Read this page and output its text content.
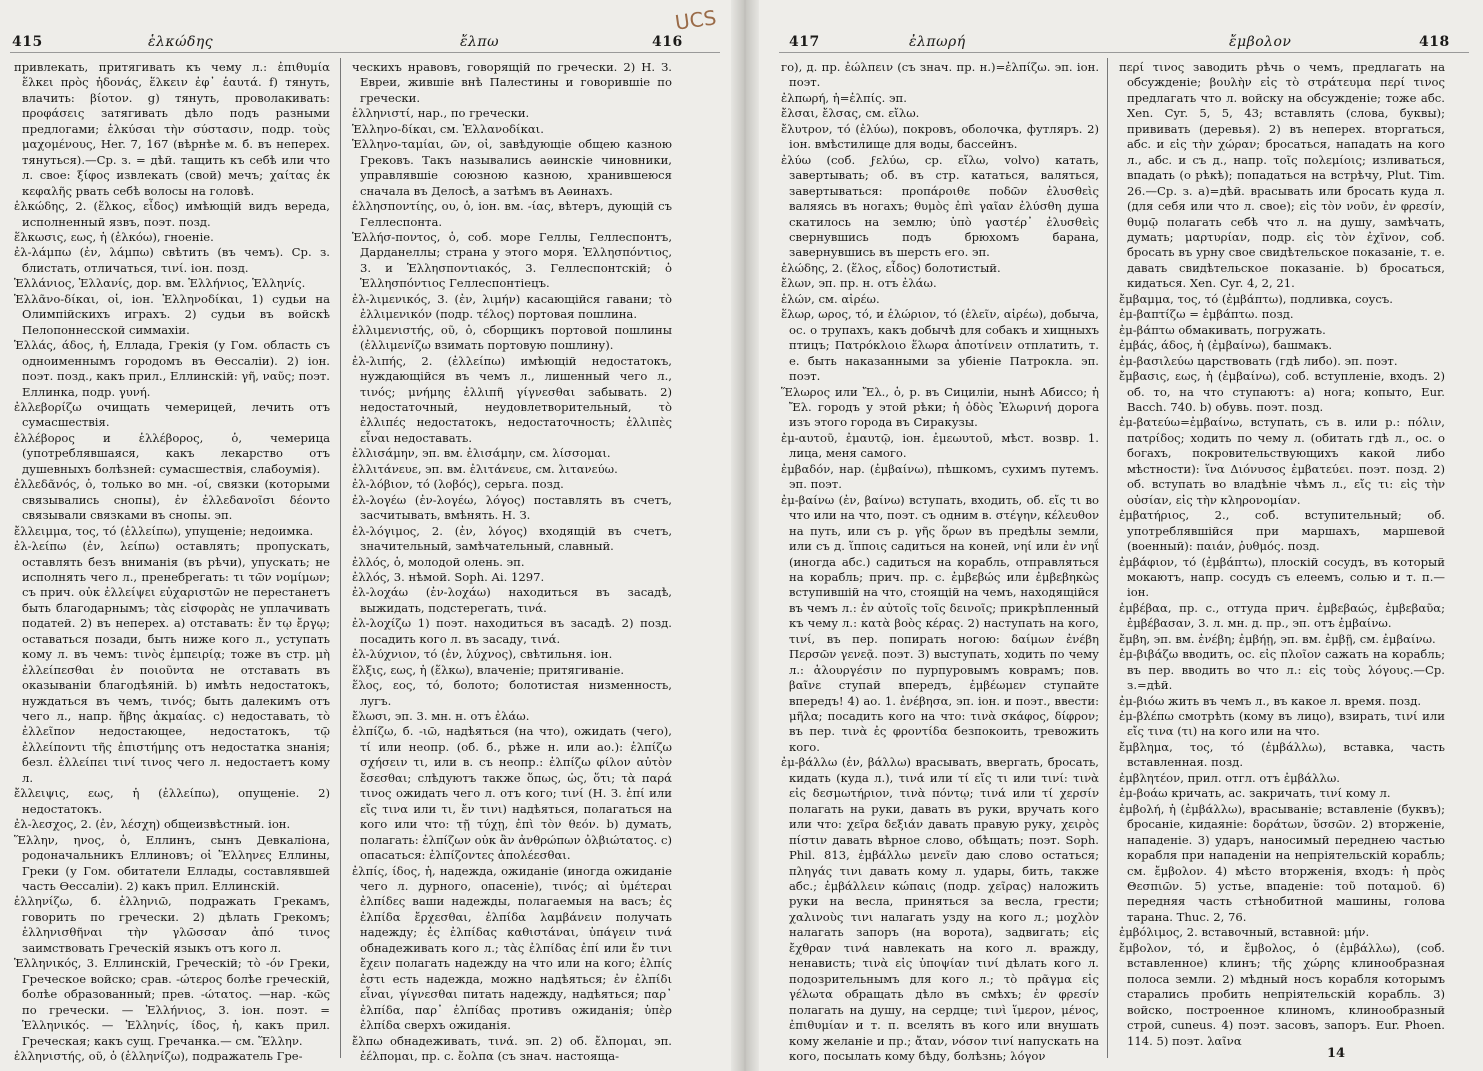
415	ἑλκώδης	ἔλπω	416

привлекать, притягивать къ чему л.: ἐπιθυμία ἕλκει πρὸς ἡδονάς, ἕλκειν ἐφ᾽ ἑαυτά. f) тянуть, влачить: βίοτον. g) тянуть, проволакивать: προφάσεις затягивать дѣло подъ разными предлогами; ἑλκύσαι τὴν σύστασιν, подр. τοὺς μαχομένους, Her. 7, 167 (вѣрнѣе м. б. въ неперех. тянуться).—Ср. з. = дѣй. тащить къ себѣ или что л. свое: ξίφος извлекать (свой) мечъ; χαίτας ἐκ κεφαλῆς рвать себѣ волосы на головѣ.

ἑλκώδης, 2. (ἕλκος, εἶδος) имѣющій видъ вереда, исполненный язвъ, поэт. позд.

ἕλκωσις, εως, ἡ (ἑλκόω), гноеніе.

ἐλ-λάμπω (ἐν, λάμπω) свѣтить (въ чемъ). Ср. з. блистать, отличаться, τινί. іон. позд.

Ἑλλάνιος, Ἑλλανίς, дор. вм. Ἑλλήνιος, Ἑλληνίς.

Ἑλλᾶνο-δίκαι, οἱ, іон. Ἑλληνοδίκαι, 1) судьи на Олимпійскихъ играхъ. 2) судьи въ войскѣ Пелопоннесской симмахіи.

Ἑλλάς, άδος, ἡ, Еллада, Грекія (у Гом. область съ одноименнымъ городомъ въ Ѳессаліи). 2) іон. поэт. позд., какъ прил., Еллинскій: γῆ, ναῦς; поэт. Еллинка, подр. γυνή.

ἐλλεβορίζω очищать чемерицей, лечить отъ сумасшествія.

ἐλλέβορος и ἑλλέβορος, ὁ, чемерица (употреблявшаяся, какъ лекарство отъ душевныхъ болѣзней: сумасшествія, слабоумія).

ἐλλεδᾶνός, ὁ, только во мн. -οί, связки (которыми связывались снопы), ἐν ἐλλεδανοῖσι δέοντο связывали связками въ снопы. эп.

ἔλλειμμα, τος, τό (ἐλλείπω), упущеніе; недоимка.

ἐλ-λείπω (ἐν, λείπω) оставлять; пропускать, оставлять безъ вниманія (въ рѣчи), упускать; не исполнять чего л., пренебрегать: τι τῶν νομίμων; съ прич. οὐκ ἐλλείψει εὐχαριστῶν не перестанетъ быть благодарнымъ; τὰς εἰσφορὰς не уплачивать податей. 2) въ неперех. а) отставать: ἔν τῳ ἔργῳ; оставаться позади, быть ниже кого л., уступать кому л. въ чемъ: τινὸς ἐμπειρίᾳ; тоже въ стр. μὴ ἐλλείπεσθαι ἐν ποιοῦντα не отставать въ оказываніи благодѣяній. b) имѣть недостатокъ, нуждаться въ чемъ, τινός; быть далекимъ отъ чего л., напр. ἥβης ἀκμαίας. c) недоставать, τὸ ἐλλεῖπον недостающее, недостатокъ, τῷ ἐλλείποντι τῆς ἐπιστήμης отъ недостатка знанія; безл. ἐλλείπει τινί τινος чего л. недостаетъ кому л.

ἔλλειψις, εως, ἡ (ἐλλείπω), опущеніе. 2) недостатокъ.

ἐλ-λεσχος, 2. (ἐν, λέσχη) общеизвѣстный. іон.

Ἕλλην, ηνος, ὁ, Еллинъ, сынъ Девкаліона, родоначальникъ Еллиновъ; οἱ Ἕλληνες Еллины, Греки (у Гом. обитатели Еллады, составлявшей часть Ѳессаліи). 2) какъ прил. Еллинскій.

ἑλληνίζω, б. ἑλληνιῶ, подражать Грекамъ, говорить по гречески. 2) дѣлать Грекомъ; ἑλληνισθῆναι τὴν γλῶσσαν ἀπό τινος заимствовать Греческій языкъ отъ кого л.

Ἑλληνικός, 3. Еллинскій, Греческій; τὸ -όν Греки, Греческое войско; срав. -ώτερος болѣе греческій, болѣе образованный; прев. -ώτατος. —нар. -κῶς по гречески. — Ἑλλήνιος, 3. іон. поэт. = Ἑλληνικός. — Ἑλληνίς, ίδος, ἡ, какъ прил. Греческая; какъ сущ. Гречанка.— см. Ἕλλην.

ἑλληνιστής, οῦ, ὁ (ἑλληνίζω), подражатель Гре-

ческихъ нравовъ, говорящій по гречески. 2) Н. З. Евреи, жившіе внѣ Палестины и говорившіе по гречески.

ἑλληνιστί, нар., по гречески.

Ἑλληνο-δίκαι, см. Ἑλλανοδίκαι.

Ἑλληνο-ταμίαι, ῶν, οἱ, завѣдующіе общею казною Грековъ. Такъ назывались аѳинскіе чиновники, управлявшіе союзною казною, хранившеюся сначала въ Делосѣ, а затѣмъ въ Аѳинахъ.

ἑλλησποντίης, ου, ὁ, іон. вм. -ίας, вѣтеръ, дующій съ Геллеспонта.

Ἑλλήσ-ποντος, ὁ, соб. море Геллы, Геллеспонтъ, Дарданеллы; страна у этого моря. Ἑλλησπόντιος, 3. и Ἑλλησποντιακός, 3. Геллеспонтскій; ὁ Ἑλλησπόντιος Геллеспонтіецъ.

ἐλ-λιμενικός, 3. (ἐν, λιμήν) касающійся гавани; τὸ ἐλλιμενικόν (подр. τέλος) портовая пошлина.

ἐλλιμενιστής, οῦ, ὁ, сборщикъ портовой пошлины (ἐλλιμενίζω взимать портовую пошлину).

ἐλ-λιπής, 2. (ἐλλείπω) имѣющій недостатокъ, нуждающійся въ чемъ л., лишенный чего л., τινός; μνήμης ἐλλιπῆ γίγνεσθαι забывать. 2) недостаточный, неудовлетворительный, τὸ ἐλλιπές недостатокъ, недостаточность; ἐλλιπὲς εἶναι недоставать.

ἐλλισάμην, эп. вм. ἐλισάμην, см. λίσσομαι.

ἐλλιτάνευε, эп. вм. ἐλιτάνευε, см. λιτανεύω.

ἐλ-λόβιον, τό (λοβός), серьга. позд.

ἐλ-λογέω (ἐν-λογέω, λόγος) поставлять въ счетъ, засчитывать, вмѣнять. Н. З.

ἐλ-λόγιμος, 2. (ἐν, λόγος) входящій въ счетъ, значительный, замѣчательный, славный.

ἐλλός, ὁ, молодой олень. эп.

ἐλλός, 3. нѣмой. Soph. Ai. 1297.

ἐλ-λοχάω (ἐν-λοχάω) находиться въ засадѣ, выжидать, подстерегать, τινά.

ἐλ-λοχίζω 1) поэт. находиться въ засадѣ. 2) позд. посадить кого л. въ засаду, τινά.

ἐλ-λύχνιον, τό (ἐν, λύχνος), свѣтильня. іон.

ἕλξις, εως, ἡ (ἕλκω), влаченіе; притягиваніе.

ἕλος, εος, τό, болото; болотистая низменность, лугъ.

ἔλωσι, эп. 3. мн. н. отъ ἐλάω.

ἐλπίζω, б. -ιῶ, надѣяться (на что), ожидать (чего), τί или неопр. (об. б., рѣже н. или ао.): ἐλπίζω σχήσειν τι, или в. съ неопр.: ἐλπίζω φίλον αὐτὸν ἔσεσθαι; слѣдуютъ также ὅπως, ὡς, ὅτι; τὰ παρά τινος ожидать чего л. отъ кого; τινί (Н. З. ἐπί или εἴς τινα или τι, ἔν τινι) надѣяться, полагаться на кого или что: τῇ τύχῃ, ἐπὶ τὸν θεόν. b) думать, полагать: ἐλπίζων οὐκ ἂν ἀνθρώπων ὀλβιώτατος. c) опасаться: ἐλπίζοντες ἀπολέεσθαι.

ἐλπίς, ίδος, ἡ, надежда, ожиданіе (иногда ожиданіе чего л. дурного, опасеніе), τινός; αἱ ὑμέτεραι ἐλπίδες ваши надежды, полагаемыя на васъ; ἐς ἐλπίδα ἔρχεσθαι, ἐλπίδα λαμβάνειν получать надежду; ἐς ἐλπίδας καθιστάναι, ὑπάγειν τινά обнадеживать кого л.; τὰς ἐλπίδας ἐπί или ἔν τινι ἔχειν полагать надежду на что или на кого; ἐλπίς ἐστι есть надежда, можно надѣяться; ἐν ἐλπίδι εἶναι, γίγνεσθαι питать надежду, надѣяться; παρ᾽ ἐλπίδα, παρ᾽ ἐλπίδας противъ ожиданія; ὑπὲρ ἐλπίδα сверхъ ожиданія.

ἔλπω обнадеживать, τινά. эп. 2) об. ἔλπομαι, эп. ἐέλπομαι, пр. с. ἔολπα (съ знач. настояща-

UCS
417	ἐλπωρή	ἔμβολον	418

го), д. пр. ἐώλπειν (съ знач. пр. н.)=ἐλπίζω. эп. іон. поэт.

ἐλπωρή, ἡ=ἐλπίς. эп.

ἔλσαι, ἔλσας, см. εἴλω.

ἔλυτρον, τό (ἐλύω), покровъ, оболочка, футляръ. 2) іон. вмѣстилище для воды, бассейнъ.

ἐλύω (соб. ϝελύω, ср. εἴλω, volvo) катать, завертывать; об. въ стр. кататься, валяться, завертываться: προπάροιθε ποδῶν ἐλυσθεὶς валяясь въ ногахъ; θυμὸς ἐπὶ γαῖαν ἐλύσθη душа скатилось на землю; ὑπὸ γαστέρ᾽ ἐλυσθεὶς свернувшись подъ брюхомъ барана, завернувшись въ шерсть его. эп.

ἑλώδης, 2. (ἕλος, εἶδος) болотистый.

ἔλων, эп. пр. н. отъ ἐλάω.

ἑλών, см. αἱρέω.

ἕλωρ, ωρος, τό, и ἑλώριον, τό (ἑλεῖν, αἱρέω), добыча, ос. о трупахъ, какъ добычѣ для собакъ и хищныхъ птицъ; Πατρόκλοιο ἕλωρα ἀποτίνειν отплатить, т. е. быть наказанными за убіеніе Патрокла. эп. поэт.

Ἕλωρος или Ἔλ., ὁ, р. въ Сициліи, нынѣ Абиссо; ἡ Ἔλ. городъ у этой рѣки; ἡ ὁδὸς Ἐλωρινή дорога изъ этого города въ Сиракузы.

ἐμ-αυτοῦ, ἐμαυτῷ, іон. ἐμεωυτοῦ, мѣст. возвр. 1. лица, меня самого.

ἐμβαδόν, нар. (ἐμβαίνω), пѣшкомъ, сухимъ путемъ. эп. поэт.

ἐμ-βαίνω (ἐν, βαίνω) вступать, входить, об. εἴς τι во что или на что, поэт. съ одним в. στέγην, κέλευθον на путь, или съ р. γῆς ὅρων въ предѣлы земли, или съ д. ἵπποις садиться на коней, νηί или ἐν νηΐ (иногда абс.) садиться на корабль, отправляться на корабль; прич. пр. с. ἐμβεβώς или ἐμβεβηκὼς вступившій на что, стоящій на чемъ, находящійся въ чемъ л.: ἐν αὐτοῖς τοῖς δεινοῖς; прикрѣпленный къ чему л.: κατὰ βοὸς κέρας. 2) наступать на кого, τινί, въ пер. попирать ногою: δαίμων ἐνέβη Περσῶν γενεᾷ. поэт. 3) выступать, ходить по чему л.: ἁλουργέσιν по пурпуровымъ коврамъ; пов. βαῖνε ступай впередъ, ἐμβέωμεν ступайте впередъ! 4) ао. 1. ἐνέβησα, эп. іон. и поэт., ввести: μῆλα; посадить кого на что: τινὰ σκάφος, δίφρον; въ пер. τινὰ ἐς φροντίδα безпокоить, тревожить кого.

ἐμ-βάλλω (ἐν, βάλλω) врасывать, ввергать, бросать, кидать (куда л.), τινά или τί εἴς τι или τινί: τινὰ εἰς δεσμωτήριον, τινὰ πόντῳ; τινά или τί χερσίν полагать на руки, давать въ руки, вручать кого или что: χεῖρα δεξιάν давать правую руку, χειρὸς πίστιν давать вѣрное слово, обѣщать; поэт. Soph. Phil. 813, ἐμβάλλω μενεῖν даю слово остаться; πληγάς τινι давать кому л. удары, бить, также абс.; ἐμβάλλειν κώπαις (подр. χεῖρας) наложить руки на весла, приняться за весла, грести; χαλινοὺς τινι налагать узду на кого л.; μοχλὸν налагать запоръ (на ворота), задвигать; εἰς ἔχθραν τινά навлекать на кого л. вражду, ненависть; τινὰ εἰς ὑποψίαν τινί дѣлать кого л. подозрительнымъ для кого л.; τὸ πρᾶγμα εἰς γέλωτα обращать дѣло въ смѣхъ; ἐν φρεσίν полагать на душу, на сердце; τινὶ ἵμερον, μένος, ἐπιθυμίαν и т. п. вселять въ кого или внушать кому желаніе и пр.; ἄταν, νόσον τινί напускать на кого, посылать кому бѣду, болѣзнь; λόγον

περί τινος заводить рѣчь о чемъ, предлагать на обсужденіе; βουλὴν εἰς τὸ στράτευμα περί τινος предлагать что л. войску на обсужденіе; тоже абс. Xen. Cyr. 5, 5, 43; вставлять (слова, буквы); прививать (деревья). 2) въ неперех. вторгаться, абс. и εἰς τὴν χώραν; бросаться, нападать на кого л., абс. и съ д., напр. τοῖς πολεμίοις; изливаться, впадать (о рѣкѣ); попадаться на встрѣчу, Plut. Tim. 26.—Ср. з. а)=дѣй. врасывать или бросать куда л. (для себя или что л. свое); εἰς τὸν νοῦν, ἐν φρεσίν, θυμῷ полагать себѣ что л. на душу, замѣчать, думать; μαρτυρίαν, подр. εἰς τὸν ἐχῖνον, соб. бросать въ урну свое свидѣтельское показаніе, т. е. давать свидѣтельское показаніе. b) бросаться, кидаться. Xen. Cyr. 4, 2, 21.

ἔμβαμμα, τος, τό (ἐμβάπτω), подливка, соусъ.

ἐμ-βαπτίζω = ἐμβάπτω. позд.

ἐμ-βάπτω обмакивать, погружать.

ἐμβάς, άδος, ἡ (ἐμβαίνω), башмакъ.

ἐμ-βασιλεύω царствовать (гдѣ либо). эп. поэт.

ἔμβασις, εως, ἡ (ἐμβαίνω), соб. вступленіе, входъ. 2) об. то, на что ступаютъ: а) нога; копыто, Eur. Bacch. 740. b) обувь. поэт. позд.

ἐμ-βατεύω=ἐμβαίνω, вступать, съ в. или р.: πόλιν, πατρίδος; ходить по чему л. (обитать гдѣ л., ос. о богахъ, покровительствующихъ какой либо мѣстности): ἵνα Διόνυσος ἐμβατεύει. поэт. позд. 2) об. вступать во владѣніе чѣмъ л., εἴς τι: εἰς τὴν οὐσίαν, εἰς τὴν κληρονομίαν.

ἐμβατήριος, 2., соб. вступительный; об. употреблявшійся при маршахъ, маршевой (военный): παιάν, ῥυθμός. позд.

ἐμβάφιον, τό (ἐμβάπτω), плоскій сосудъ, въ который мокаютъ, напр. сосудъ съ елеемъ, солью и т. п.—іон.

ἐμβέβαα, пр. с., оттуда прич. ἐμβεβαώς, ἐμβεβαῦα; ἐμβέβασαν, 3. л. мн. д. пр., эп. отъ ἐμβαίνω.

ἔμβη, эп. вм. ἐνέβη; ἐμβήῃ, эп. вм. ἐμβῇ, см. ἐμβαίνω.

ἐμ-βιβάζω вводить, ос. εἰς πλοῖον сажать на корабль; въ пер. вводить во что л.: εἰς τοὺς λόγους.—Ср. з.=дѣй.

ἐμ-βιόω жить въ чемъ л., въ какое л. время. позд.

ἐμ-βλέπω смотрѣть (кому въ лицо), взирать, τινί или εἴς τινα (τι) на кого или на что.

ἔμβλημα, τος, τό (ἐμβάλλω), вставка, часть вставленная. позд.

ἐμβλητέον, прил. отгл. отъ ἐμβάλλω.

ἐμ-βοάω кричать, ас. закричать, τινί кому л.

ἐμβολή, ἡ (ἐμβάλλω), врасываніе; вставленіе (буквъ); бросаніе, кидаяніе: δοράτων, ὕσσῶν. 2) вторженіе, нападеніе. 3) ударъ, наносимый переднею частью корабля при нападеніи на непріятельскій корабль; см. ἔμβολον. 4) мѣсто вторженія, входъ: ἡ πρὸς Θεσπιῶν. 5) устье, впаденіе: τοῦ ποταμοῦ. 6) передняя часть стѣнобитной машины, голова тарана. Thuc. 2, 76.

ἐμβόλιμος, 2. вставочный, вставной: μήν.

ἔμβολον, τό, и ἔμβολος, ὁ (ἐμβάλλω), (соб. вставленное) клинъ; τῆς χώρης клинообразная полоса земли. 2) мѣдный носъ корабля которымъ старались пробить непріятельскій корабль. 3) войско, построенное клиномъ, клинообразный строй, cuneus. 4) поэт. засовъ, запоръ. Eur. Phoen. 114. 5) поэт. λαῖνα

14
